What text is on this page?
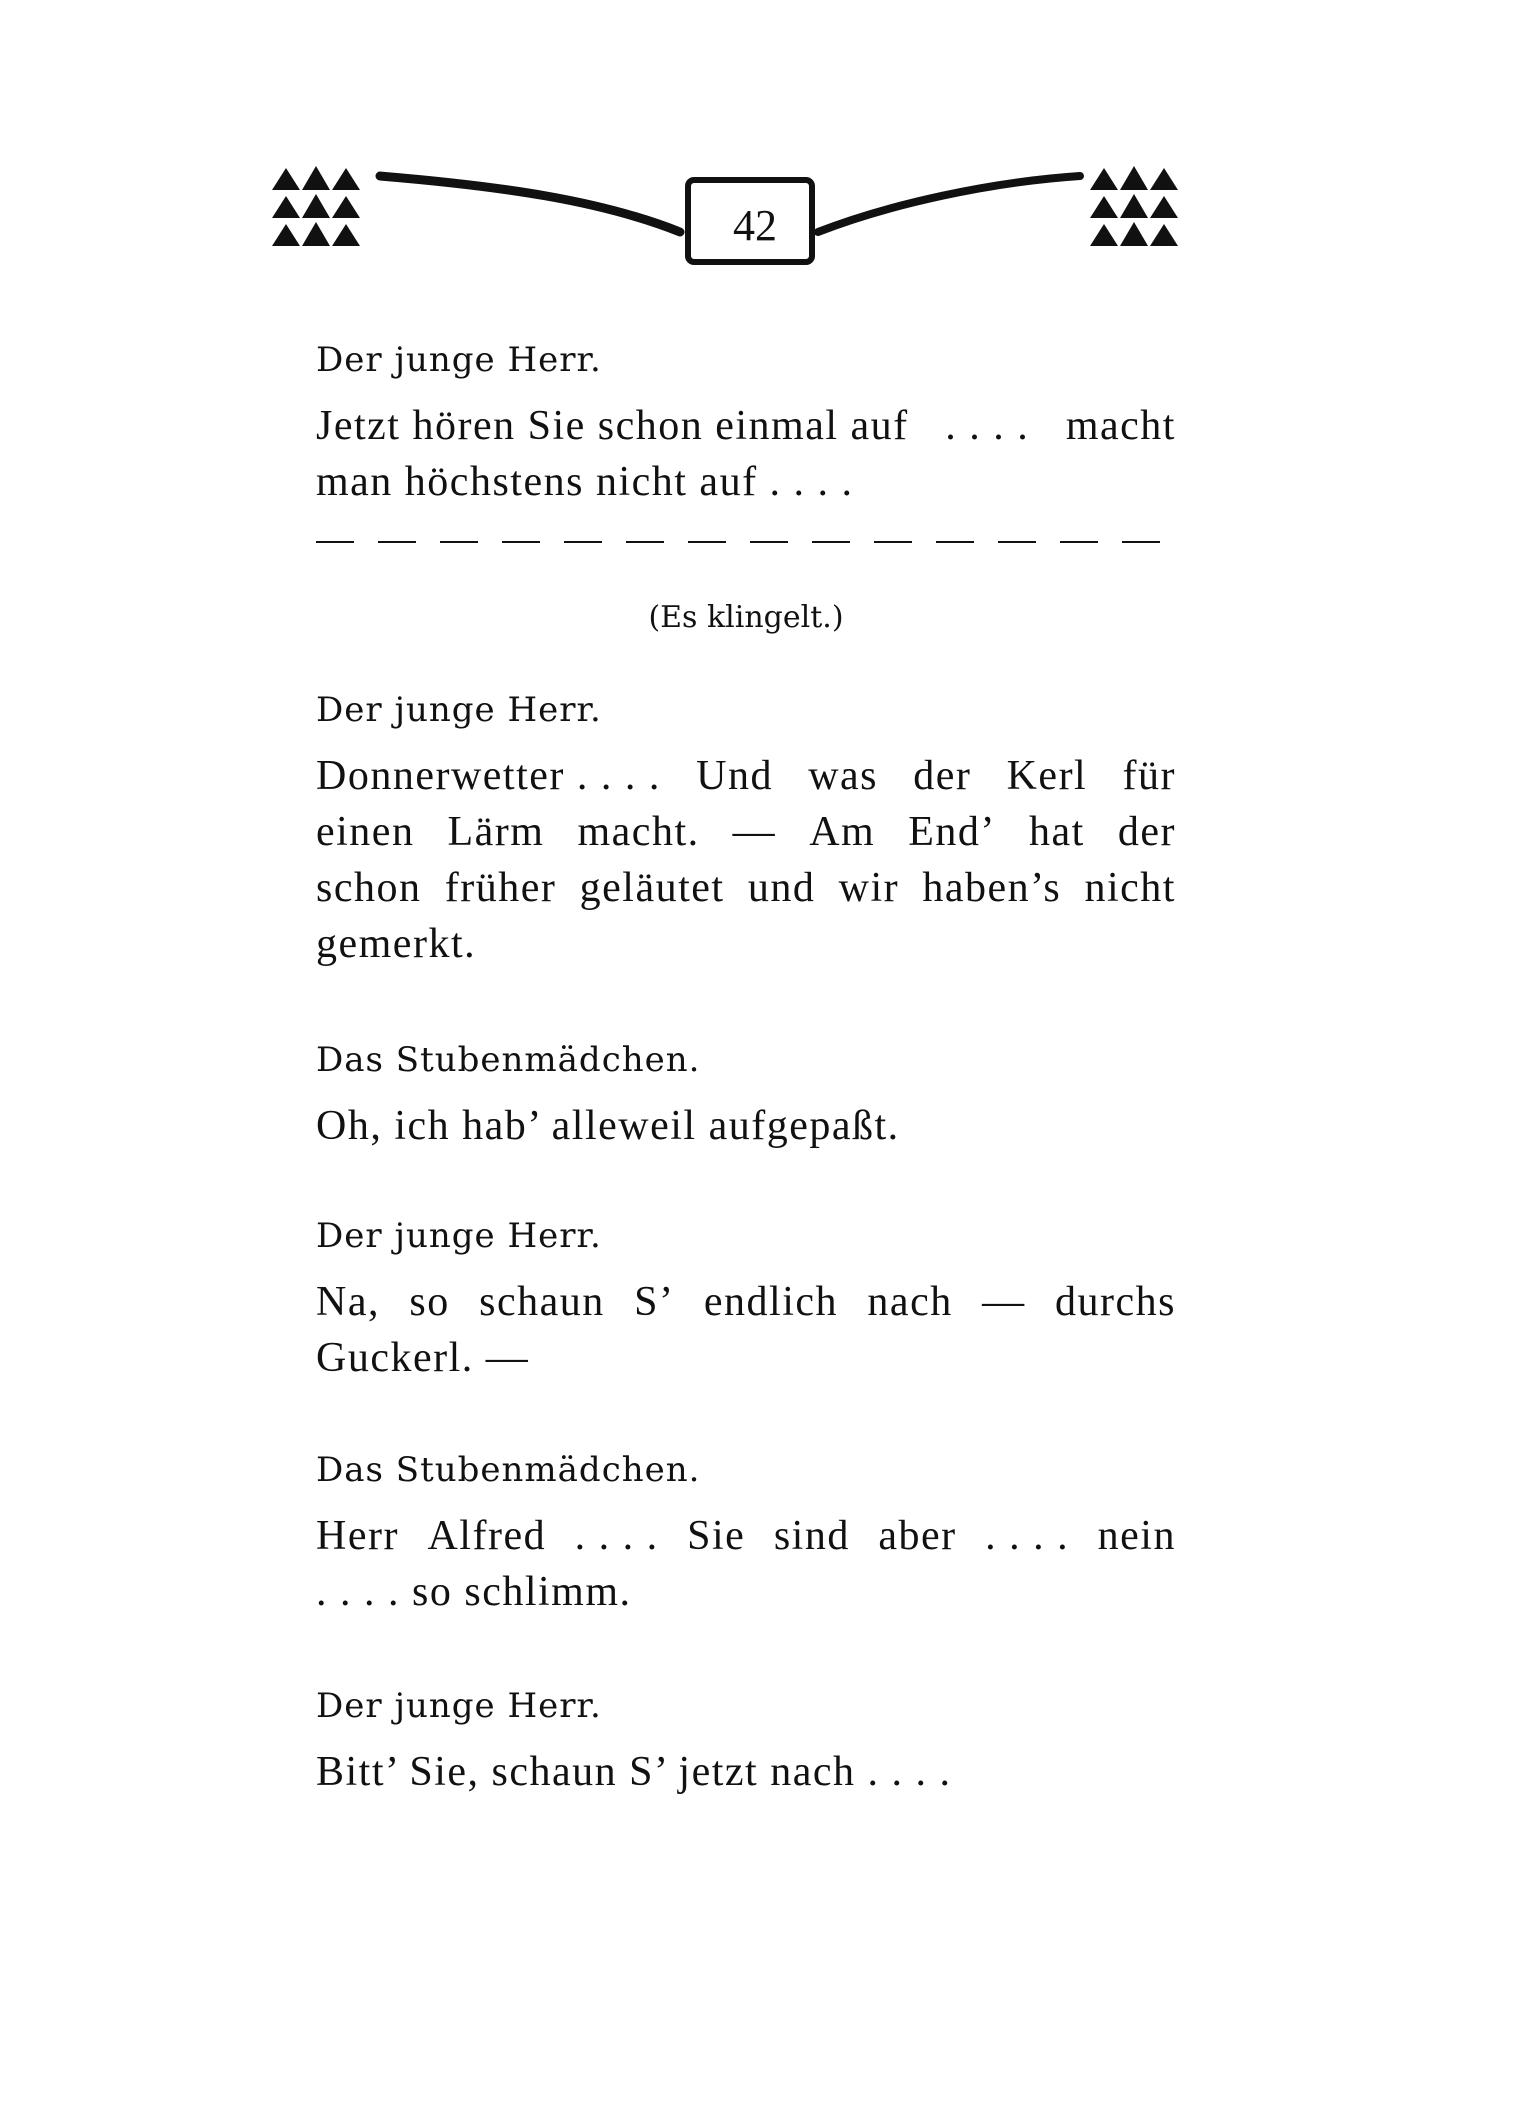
42
Der junge Herr.
Jetzt hören Sie schon einmal auf . . . . macht
man höchstens nicht auf . . . .
(Es klingelt.)
Der junge Herr.
Donnerwetter . . . . Und was der Kerl für
einen Lärm macht. — Am End’ hat der
schon früher geläutet und wir haben’s nicht
gemerkt.
Das Stubenmädchen.
Oh, ich hab’ alleweil aufgepaßt.
Der junge Herr.
Na, so schaun S’ endlich nach — durchs
Guckerl. —
Das Stubenmädchen.
Herr Alfred . . . . Sie sind aber . . . . nein
. . . . so schlimm.
Der junge Herr.
Bitt’ Sie, schaun S’ jetzt nach . . . .
